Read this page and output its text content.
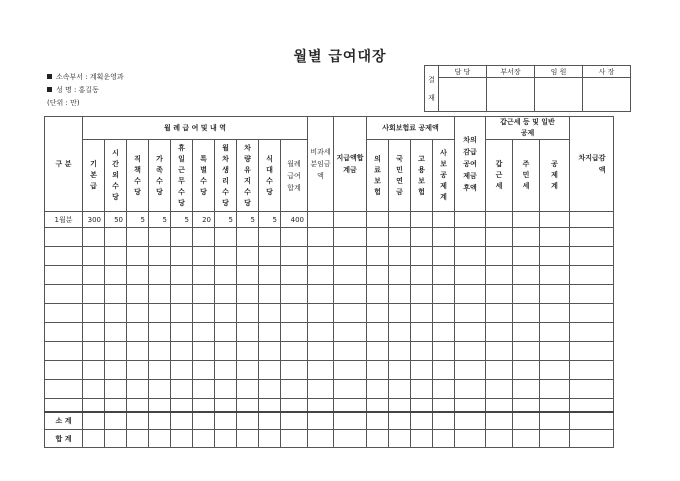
월별 급여대장
소속부서 : 계획운영과
성 명 : 홍길동
(단위 : 만)
결
재	담 당	부서장	임 원	사 장

구 분	월 례 급 여 및 내 역										비과세분임금액	지급액합계금	사회보험료 공제액				차의감급공여제금후액	갑근세 등 및 일반공제			차지급감액
	기본급	시간외수당	직책수당	가족수당	휴일근무수당	특별수당	월차생리수당	차량유지수당	식대수당	월례급여합계			의료보험	국민연금	고용보험	사보공제계		갑근세	주민세	공제계	
1월분	300	50	5	5	5	20	5	5	5	400											

소 계																					
합 계																					
